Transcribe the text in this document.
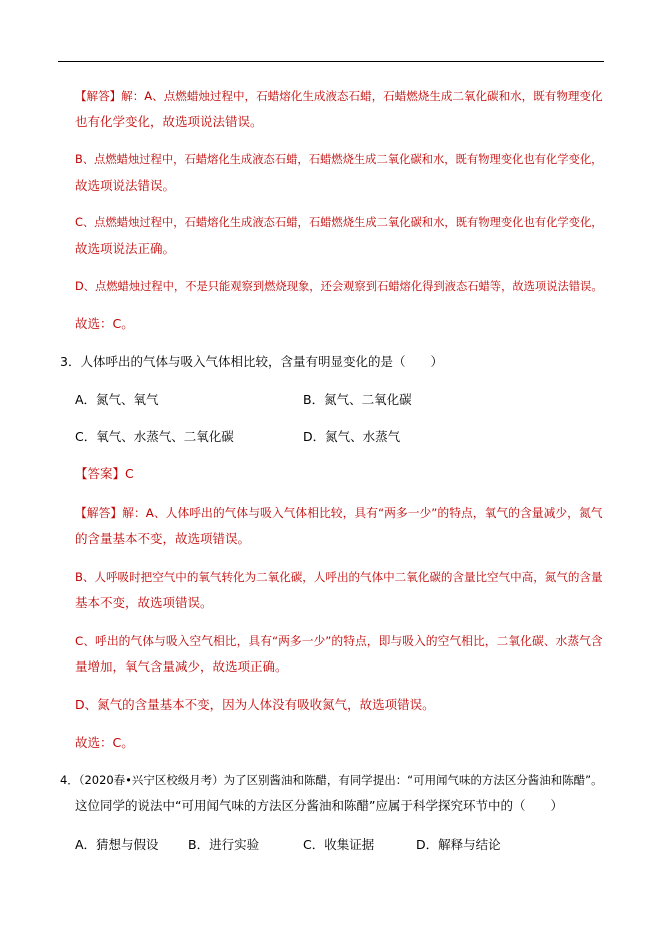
【解答】解：A、点燃蜡烛过程中，石蜡熔化生成液态石蜡，石蜡燃烧生成二氧化碳和水，既有物理变化
也有化学变化，故选项说法错误。
B、点燃蜡烛过程中，石蜡熔化生成液态石蜡，石蜡燃烧生成二氧化碳和水，既有物理变化也有化学变化，
故选项说法错误。
C、点燃蜡烛过程中，石蜡熔化生成液态石蜡，石蜡燃烧生成二氧化碳和水，既有物理变化也有化学变化，
故选项说法正确。
D、点燃蜡烛过程中，不是只能观察到燃烧现象，还会观察到石蜡熔化得到液态石蜡等，故选项说法错误。
故选：C。
3．人体呼出的气体与吸入气体相比较，含量有明显变化的是（　　）
A．氮气、氧气	B．氮气、二氧化碳
C．氧气、水蒸气、二氧化碳	D．氮气、水蒸气
【答案】C
【解答】解：A、人体呼出的气体与吸入气体相比较，具有“两多一少”的特点，氧气的含量减少，氮气
的含量基本不变，故选项错误。
B、人呼吸时把空气中的氧气转化为二氧化碳，人呼出的气体中二氧化碳的含量比空气中高，氮气的含量
基本不变，故选项错误。
C、呼出的气体与吸入空气相比，具有“两多一少”的特点，即与吸入的空气相比，二氧化碳、水蒸气含
量增加，氧气含量减少，故选项正确。
D、氮气的含量基本不变，因为人体没有吸收氮气，故选项错误。
故选：C。
4．（2020春•兴宁区校级月考）为了区别酱油和陈醋，有同学提出：“可用闻气味的方法区分酱油和陈醋”。
这位同学的说法中“可用闻气味的方法区分酱油和陈醋”应属于科学探究环节中的（　　）
A．猜想与假设 B．进行实验	C．收集证据	D．解释与结论
